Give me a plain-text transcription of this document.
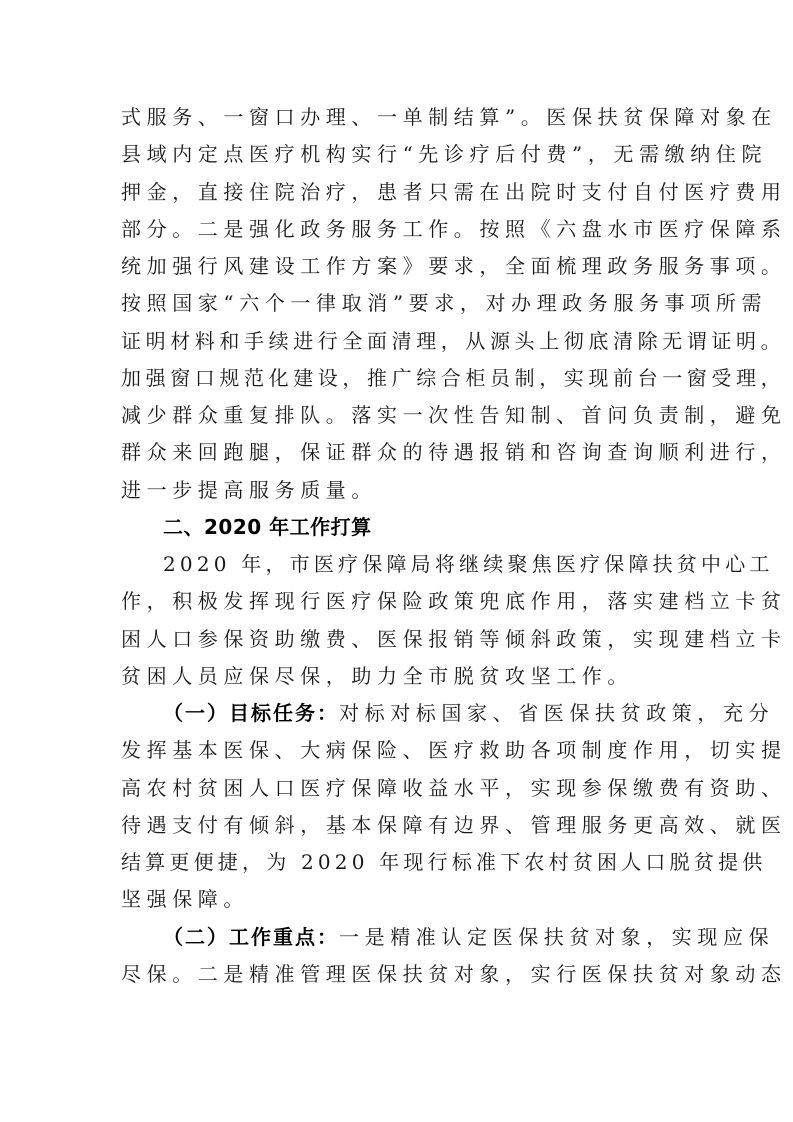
式服务、一窗口办理、一单制结算”。医保扶贫保障对象在
县域内定点医疗机构实行“先诊疗后付费”，无需缴纳住院
押金，直接住院治疗，患者只需在出院时支付自付医疗费用
部分。二是强化政务服务工作。按照《六盘水市医疗保障系
统加强行风建设工作方案》要求，全面梳理政务服务事项。
按照国家“六个一律取消”要求，对办理政务服务事项所需
证明材料和手续进行全面清理，从源头上彻底清除无谓证明。
加强窗口规范化建设，推广综合柜员制，实现前台一窗受理，
减少群众重复排队。落实一次性告知制、首问负责制，避免
群众来回跑腿，保证群众的待遇报销和咨询查询顺利进行，
进一步提高服务质量。
二、2020 年工作打算
2020 年，市医疗保障局将继续聚焦医疗保障扶贫中心工
作，积极发挥现行医疗保险政策兜底作用，落实建档立卡贫
困人口参保资助缴费、医保报销等倾斜政策，实现建档立卡
贫困人员应保尽保，助力全市脱贫攻坚工作。
（一）目标任务：对标对标国家、省医保扶贫政策，充分
发挥基本医保、大病保险、医疗救助各项制度作用，切实提
高农村贫困人口医疗保障收益水平，实现参保缴费有资助、
待遇支付有倾斜，基本保障有边界、管理服务更高效、就医
结算更便捷，为 2020 年现行标准下农村贫困人口脱贫提供
坚强保障。
（二）工作重点：一是精准认定医保扶贫对象，实现应保
尽保。二是精准管理医保扶贫对象，实行医保扶贫对象动态
